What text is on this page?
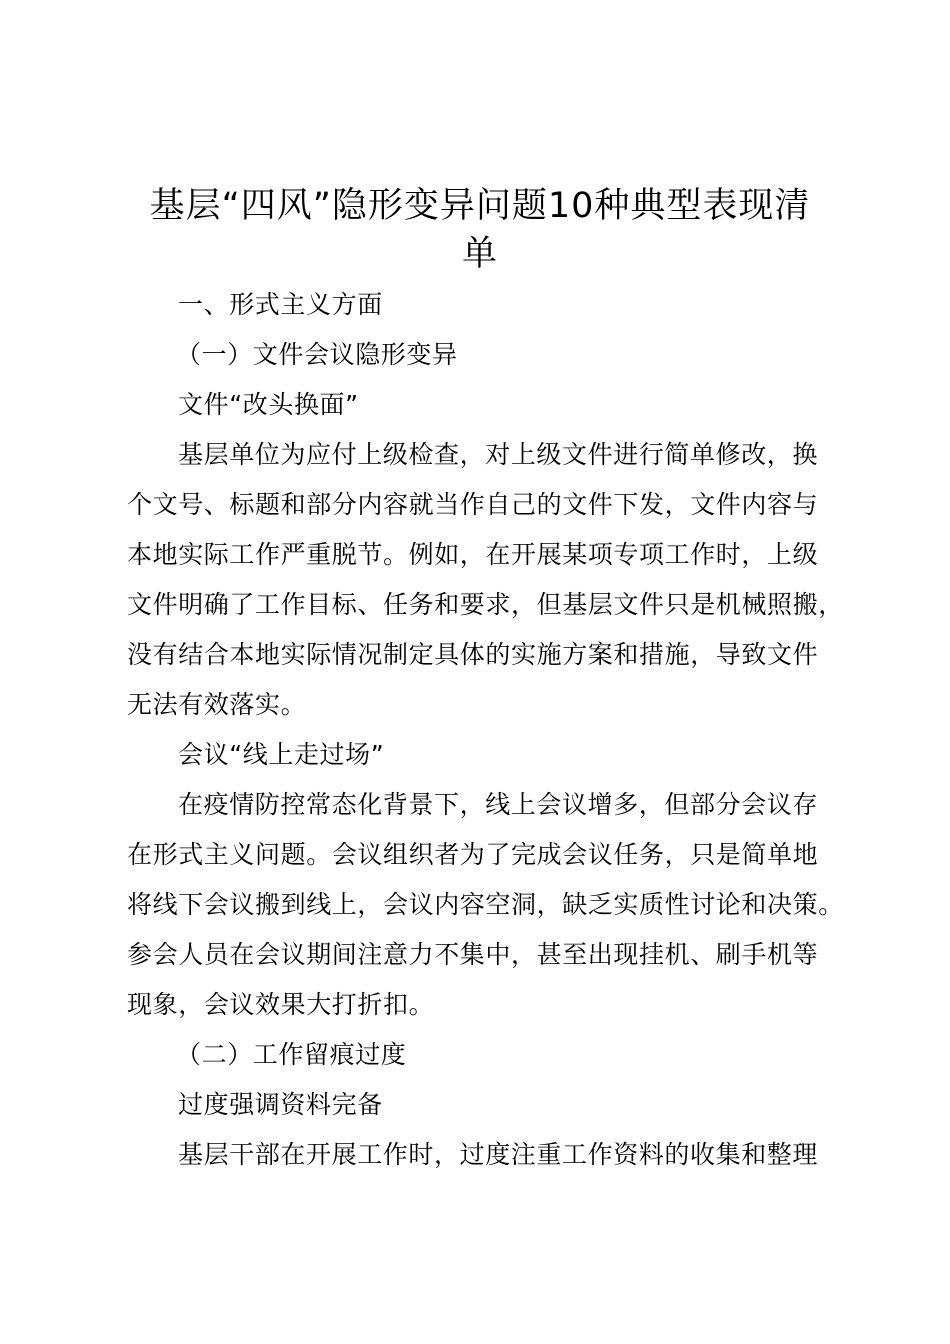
基层“四风”隐形变异问题10种典型表现清
单
一、形式主义方面
（一）文件会议隐形变异
文件“改头换面”
基层单位为应付上级检查，对上级文件进行简单修改，换
个文号、标题和部分内容就当作自己的文件下发，文件内容与
本地实际工作严重脱节。例如，在开展某项专项工作时，上级
文件明确了工作目标、任务和要求，但基层文件只是机械照搬，
没有结合本地实际情况制定具体的实施方案和措施，导致文件
无法有效落实。
会议“线上走过场”
在疫情防控常态化背景下，线上会议增多，但部分会议存
在形式主义问题。会议组织者为了完成会议任务，只是简单地
将线下会议搬到线上，会议内容空洞，缺乏实质性讨论和决策。
参会人员在会议期间注意力不集中，甚至出现挂机、刷手机等
现象，会议效果大打折扣。
（二）工作留痕过度
过度强调资料完备
基层干部在开展工作时，过度注重工作资料的收集和整理
